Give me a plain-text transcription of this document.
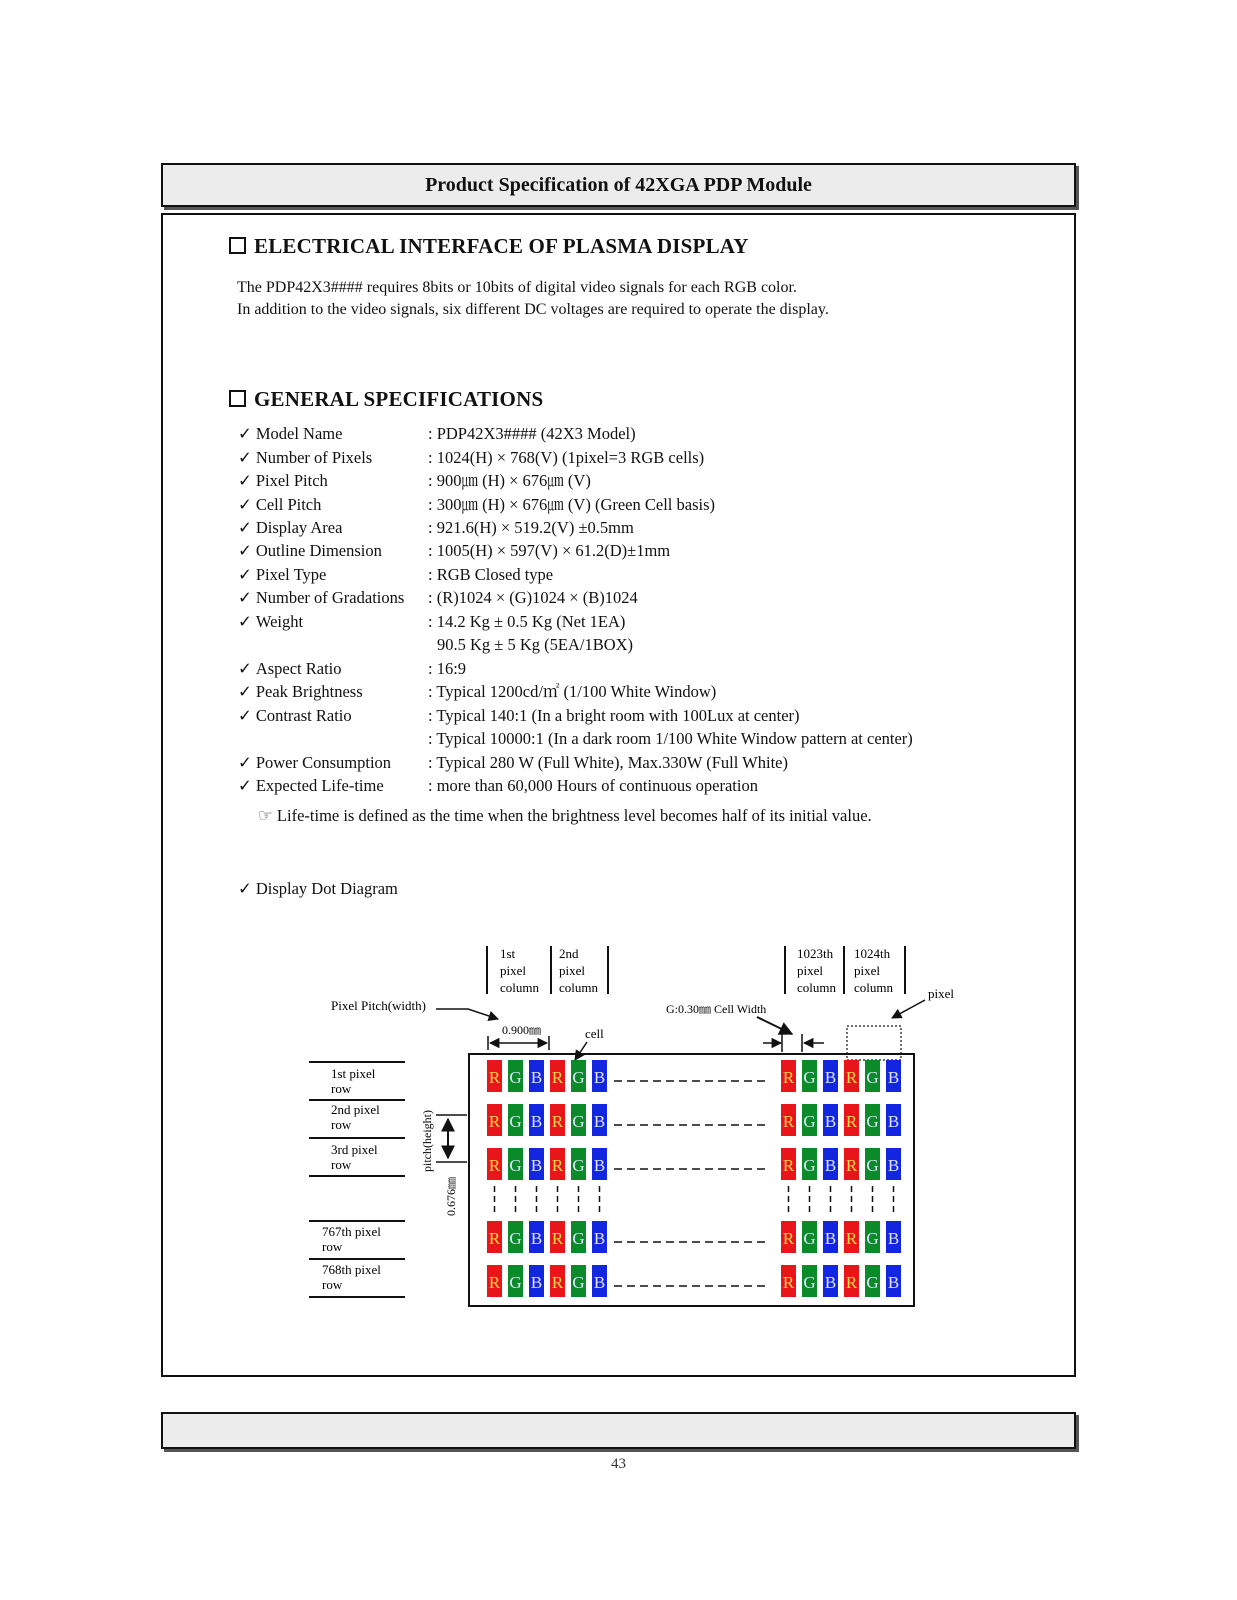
Product Specification of 42XGA PDP Module
ELECTRICAL INTERFACE OF PLASMA DISPLAY
The PDP42X3#### requires 8bits or 10bits of digital video signals for each RGB color.
In addition to the video signals, six different DC voltages are required to operate the display.
GENERAL SPECIFICATIONS
✓ Model Name	: PDP42X3#### (42X3 Model)
✓ Number of Pixels	: 1024(H) × 768(V) (1pixel=3 RGB cells)
✓ Pixel Pitch	: 900㎛ (H) × 676㎛ (V)
✓ Cell Pitch	: 300㎛ (H) × 676㎛ (V) (Green Cell basis)
✓ Display Area	: 921.6(H) × 519.2(V) ±0.5mm
✓ Outline Dimension	: 1005(H) × 597(V) × 61.2(D)±1mm
✓ Pixel Type	: RGB Closed type
✓ Number of Gradations : (R)1024 × (G)1024 × (B)1024
✓ Weight	: 14.2 Kg ± 0.5 Kg (Net 1EA)
90.5 Kg ± 5 Kg (5EA/1BOX)
✓ Aspect Ratio	: 16:9
✓ Peak Brightness	: Typical 1200cd/㎡ (1/100 White Window)
✓ Contrast Ratio	: Typical 140:1 (In a bright room with 100Lux at center)
: Typical 10000:1 (In a dark room 1/100 White Window pattern at center)
✓ Power Consumption : Typical 280 W (Full White), Max.330W (Full White)
✓ Expected Life-time	: more than 60,000 Hours of continuous operation
☞ Life-time is defined as the time when the brightness level becomes half of its initial value.
✓ Display Dot Diagram
1st
pixel
column
2nd
pixel
column
1023th
pixel
column
1024th
pixel
column
Pixel Pitch(width)
0.900㎜	cell
G:0.30㎜ Cell Width
pixel
1st pixel
row
2nd pixel
row
3rd pixel
row
767th pixel
row
768th pixel
row
pitch(height)
0.676㎜
R G B R G B	R G B R G B
R G B R G B	R G B R G B
R G B R G B	R G B R G B
R G B R G B	R G B R G B
R G B R G B	R G B R G B
43
